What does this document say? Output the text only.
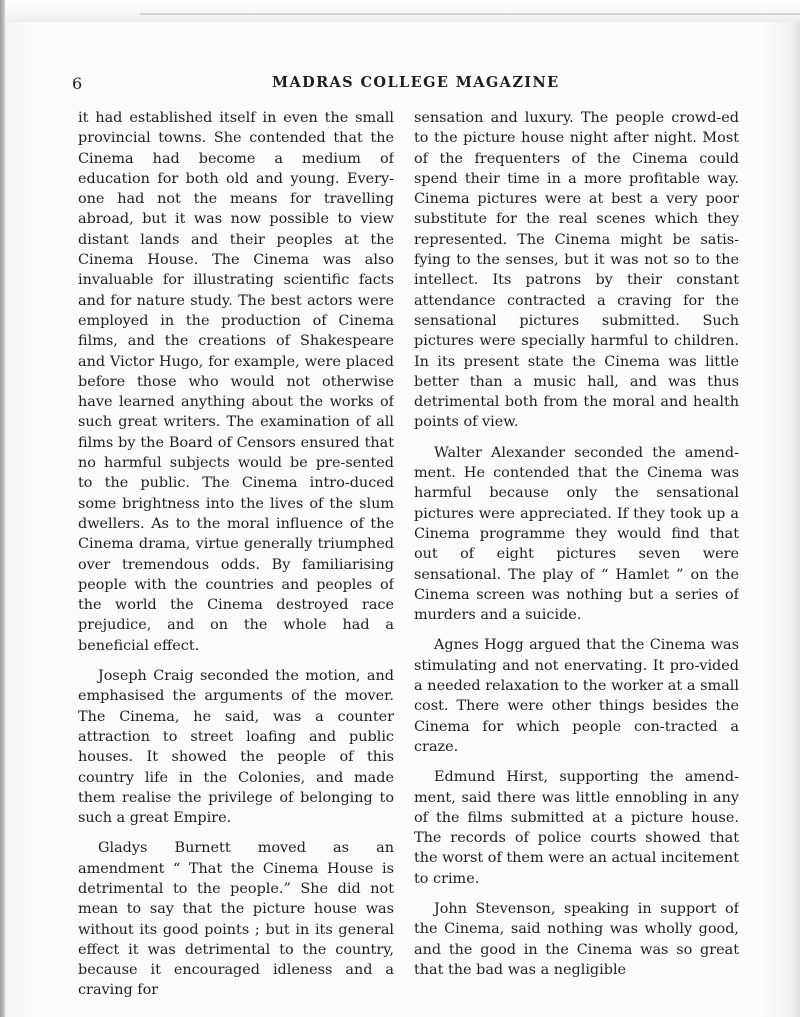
6	MADRAS COLLEGE MAGAZINE

it had established itself in even the small provincial towns. She contended that the Cinema had become a medium of education for both old and young. Every-one had not the means for travelling abroad, but it was now possible to view distant lands and their peoples at the Cinema House. The Cinema was also invaluable for illustrating scientific facts and for nature study. The best actors were employed in the production of Cinema films, and the creations of Shakespeare and Victor Hugo, for example, were placed before those who would not otherwise have learned anything about the works of such great writers. The examination of all films by the Board of Censors ensured that no harmful subjects would be pre-sented to the public. The Cinema intro-duced some brightness into the lives of the slum dwellers. As to the moral influence of the Cinema drama, virtue generally triumphed over tremendous odds. By familiarising people with the countries and peoples of the world the Cinema destroyed race prejudice, and on the whole had a beneficial effect.

Joseph Craig seconded the motion, and emphasised the arguments of the mover. The Cinema, he said, was a counter attraction to street loafing and public houses. It showed the people of this country life in the Colonies, and made them realise the privilege of belonging to such a great Empire.

Gladys Burnett moved as an amendment “ That the Cinema House is detrimental to the people.” She did not mean to say that the picture house was without its good points ; but in its general effect it was detrimental to the country, because it encouraged idleness and a craving for

sensation and luxury. The people crowd-ed to the picture house night after night. Most of the frequenters of the Cinema could spend their time in a more profitable way. Cinema pictures were at best a very poor substitute for the real scenes which they represented. The Cinema might be satis-fying to the senses, but it was not so to the intellect. Its patrons by their constant attendance contracted a craving for the sensational pictures submitted. Such pictures were specially harmful to children. In its present state the Cinema was little better than a music hall, and was thus detrimental both from the moral and health points of view.

Walter Alexander seconded the amend-ment. He contended that the Cinema was harmful because only the sensational pictures were appreciated. If they took up a Cinema programme they would find that out of eight pictures seven were sensational. The play of “ Hamlet ” on the Cinema screen was nothing but a series of murders and a suicide.

Agnes Hogg argued that the Cinema was stimulating and not enervating. It pro-vided a needed relaxation to the worker at a small cost. There were other things besides the Cinema for which people con-tracted a craze.

Edmund Hirst, supporting the amend-ment, said there was little ennobling in any of the films submitted at a picture house. The records of police courts showed that the worst of them were an actual incitement to crime.

John Stevenson, speaking in support of the Cinema, said nothing was wholly good, and the good in the Cinema was so great that the bad was a negligible
